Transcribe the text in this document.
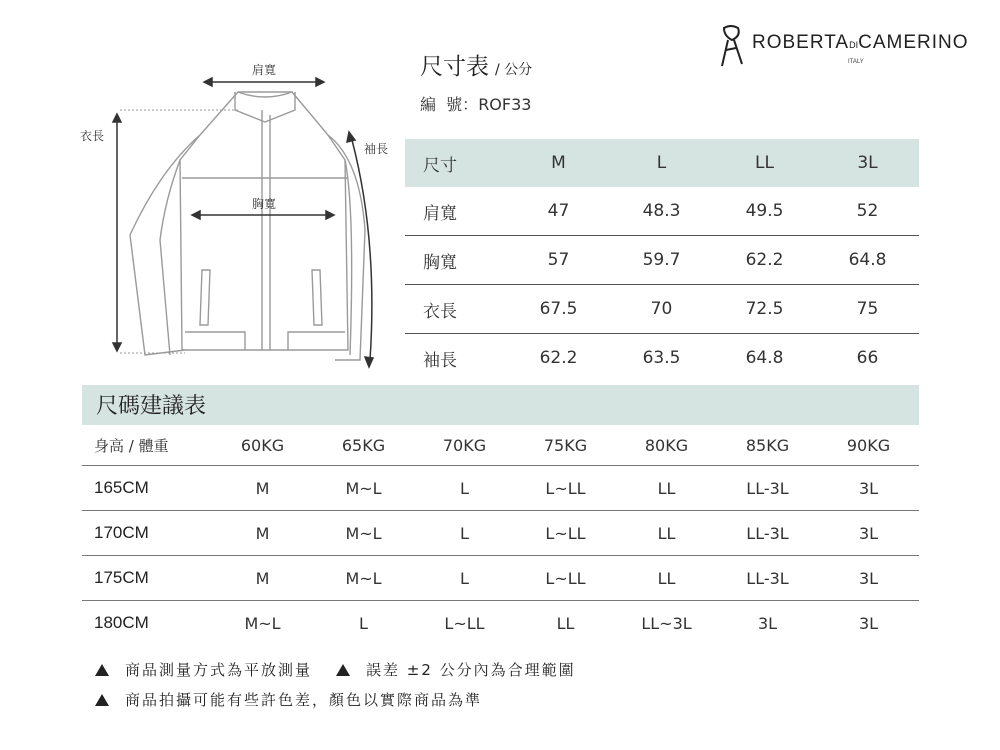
肩寬
胸寬
衣長
袖長
尺寸表 / 公分
編  號：ROF33
ROBERTADICAMERINO
ITALY
尺寸	M	L	LL	3L
肩寬	47	48.3	49.5	52
胸寬	57	59.7	62.2	64.8
衣長	67.5	70	72.5	75
袖長	62.2	63.5	64.8	66
尺碼建議表
身高 / 體重	60KG	65KG	70KG	75KG	80KG	85KG	90KG
165CM	M	M~L	L	L~LL	LL	LL-3L	3L
170CM	M	M~L	L	L~LL	LL	LL-3L	3L
175CM	M	M~L	L	L~LL	LL	LL-3L	3L
180CM	M~L	L	L~LL	LL	LL~3L	3L	3L
商品測量方式為平放測量	誤差 ±2 公分內為合理範圍
商品拍攝可能有些許色差，顏色以實際商品為準
